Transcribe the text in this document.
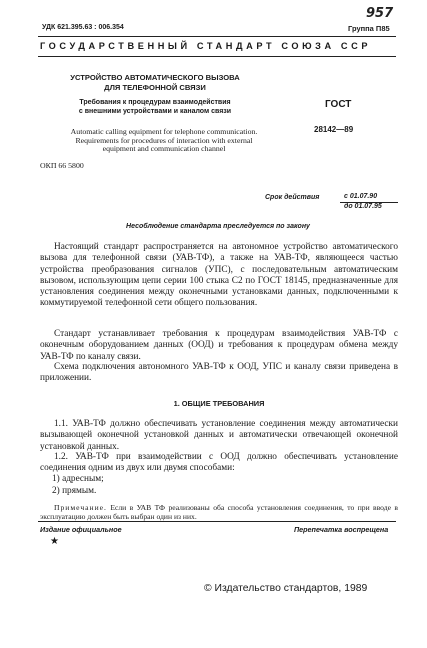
957
УДК 621.395.63 : 006.354	Группа П85
ГОСУДАРСТВЕННЫЙ СТАНДАРТ СОЮЗА ССР
УСТРОЙСТВО АВТОМАТИЧЕСКОГО ВЫЗОВА
ДЛЯ ТЕЛЕФОННОЙ СВЯЗИ
Требования к процедурам взаимодействия
с внешними устройствами и каналом связи
ГОСТ
28142—89
Automatic calling equipment for telephone communication.
Requirements for procedures of interaction with external
equipment and communication channel
ОКП 66 5800
Срок действия	с 01.07.90
до 01.07.95
Несоблюдение стандарта преследуется по закону

Настоящий стандарт распространяется на автономное устройство автоматического вызова для телефонной связи (УАВ-ТФ), а также на УАВ-ТФ, являющееся частью устройства преобразования сигналов (УПС), с последовательным автоматическим вызовом, использующим цепи серии 100 стыка С2 по ГОСТ 18145, предназначенные для установления соединения между оконечными установками данных, подключенными к коммутируемой телефонной сети общего пользования.

Стандарт устанавливает требования к процедурам взаимодействия УАВ-ТФ с оконечным оборудованием данных (ООД) и требования к процедурам обмена между УАВ-ТФ по каналу связи.

Схема подключения автономного УАВ-ТФ к ООД, УПС и каналу связи приведена в приложении.

1. ОБЩИЕ ТРЕБОВАНИЯ

1.1. УАВ-ТФ должно обеспечивать установление соединения между автоматически вызывающей оконечной установкой данных и автоматически отвечающей оконечной установкой данных.

1.2. УАВ-ТФ при взаимодействии с ООД должно обеспечивать установление соединения одним из двух или двумя способами:

1) адресным;
2) прямым.
Примечание. Если в УАВ ТФ реализованы оба способа установления соединения, то при вводе в эксплуатацию должен быть выбран один из них.
Издание официальное	Перепечатка воспрещена
★
© Издательство стандартов, 1989
